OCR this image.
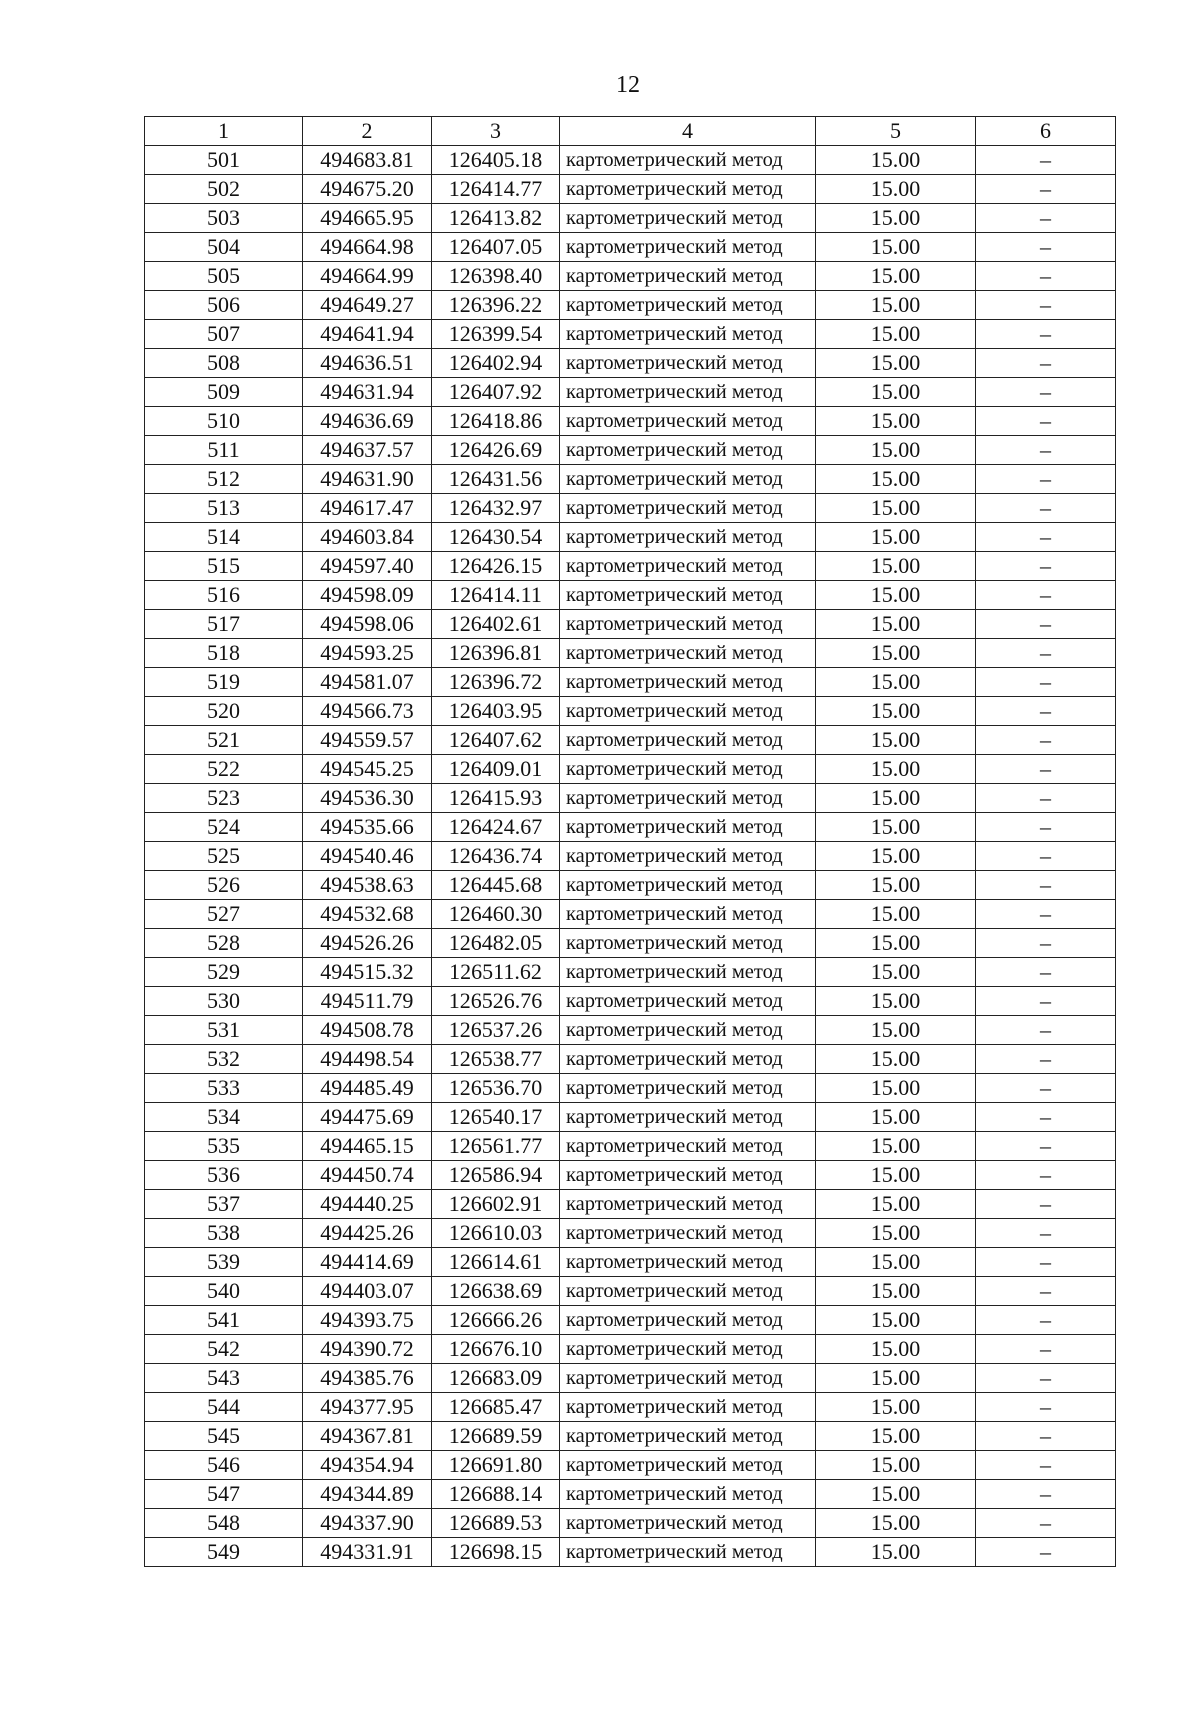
12
1	2	3	4	5	6
501	494683.81	126405.18	картометрический метод	15.00	–
502	494675.20	126414.77	картометрический метод	15.00	–
503	494665.95	126413.82	картометрический метод	15.00	–
504	494664.98	126407.05	картометрический метод	15.00	–
505	494664.99	126398.40	картометрический метод	15.00	–
506	494649.27	126396.22	картометрический метод	15.00	–
507	494641.94	126399.54	картометрический метод	15.00	–
508	494636.51	126402.94	картометрический метод	15.00	–
509	494631.94	126407.92	картометрический метод	15.00	–
510	494636.69	126418.86	картометрический метод	15.00	–
511	494637.57	126426.69	картометрический метод	15.00	–
512	494631.90	126431.56	картометрический метод	15.00	–
513	494617.47	126432.97	картометрический метод	15.00	–
514	494603.84	126430.54	картометрический метод	15.00	–
515	494597.40	126426.15	картометрический метод	15.00	–
516	494598.09	126414.11	картометрический метод	15.00	–
517	494598.06	126402.61	картометрический метод	15.00	–
518	494593.25	126396.81	картометрический метод	15.00	–
519	494581.07	126396.72	картометрический метод	15.00	–
520	494566.73	126403.95	картометрический метод	15.00	–
521	494559.57	126407.62	картометрический метод	15.00	–
522	494545.25	126409.01	картометрический метод	15.00	–
523	494536.30	126415.93	картометрический метод	15.00	–
524	494535.66	126424.67	картометрический метод	15.00	–
525	494540.46	126436.74	картометрический метод	15.00	–
526	494538.63	126445.68	картометрический метод	15.00	–
527	494532.68	126460.30	картометрический метод	15.00	–
528	494526.26	126482.05	картометрический метод	15.00	–
529	494515.32	126511.62	картометрический метод	15.00	–
530	494511.79	126526.76	картометрический метод	15.00	–
531	494508.78	126537.26	картометрический метод	15.00	–
532	494498.54	126538.77	картометрический метод	15.00	–
533	494485.49	126536.70	картометрический метод	15.00	–
534	494475.69	126540.17	картометрический метод	15.00	–
535	494465.15	126561.77	картометрический метод	15.00	–
536	494450.74	126586.94	картометрический метод	15.00	–
537	494440.25	126602.91	картометрический метод	15.00	–
538	494425.26	126610.03	картометрический метод	15.00	–
539	494414.69	126614.61	картометрический метод	15.00	–
540	494403.07	126638.69	картометрический метод	15.00	–
541	494393.75	126666.26	картометрический метод	15.00	–
542	494390.72	126676.10	картометрический метод	15.00	–
543	494385.76	126683.09	картометрический метод	15.00	–
544	494377.95	126685.47	картометрический метод	15.00	–
545	494367.81	126689.59	картометрический метод	15.00	–
546	494354.94	126691.80	картометрический метод	15.00	–
547	494344.89	126688.14	картометрический метод	15.00	–
548	494337.90	126689.53	картометрический метод	15.00	–
549	494331.91	126698.15	картометрический метод	15.00	–
